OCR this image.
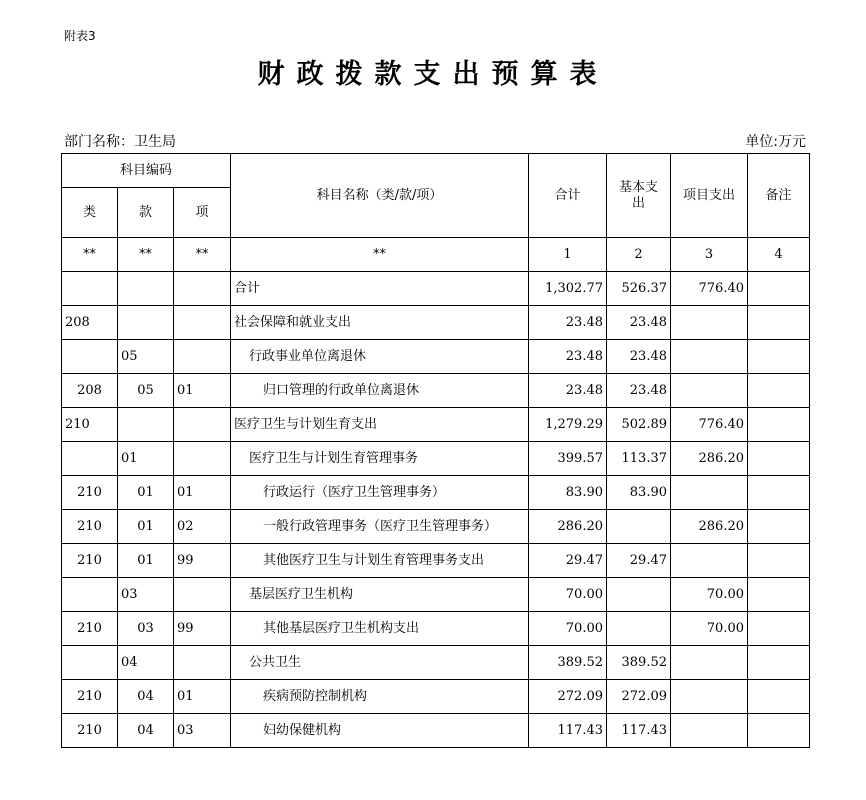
附表3
财政拨款支出预算表
部门名称：卫生局	单位:万元
科目编码			科目名称（类/款/项）	合计	基本支出	项目支出	备注
类	款	项					
**	**	**	**	1	2	3	4
			合计	1,302.77	526.37	776.40	
208			社会保障和就业支出	23.48	23.48		
	05		行政事业单位离退休	23.48	23.48		
208	05	01	归口管理的行政单位离退休	23.48	23.48		
210			医疗卫生与计划生育支出	1,279.29	502.89	776.40	
	01		医疗卫生与计划生育管理事务	399.57	113.37	286.20	
210	01	01	行政运行（医疗卫生管理事务）	83.90	83.90		
210	01	02	一般行政管理事务（医疗卫生管理事务）	286.20		286.20	
210	01	99	其他医疗卫生与计划生育管理事务支出	29.47	29.47		
	03		基层医疗卫生机构	70.00		70.00	
210	03	99	其他基层医疗卫生机构支出	70.00		70.00	
	04		公共卫生	389.52	389.52		
210	04	01	疾病预防控制机构	272.09	272.09		
210	04	03	妇幼保健机构	117.43	117.43		
